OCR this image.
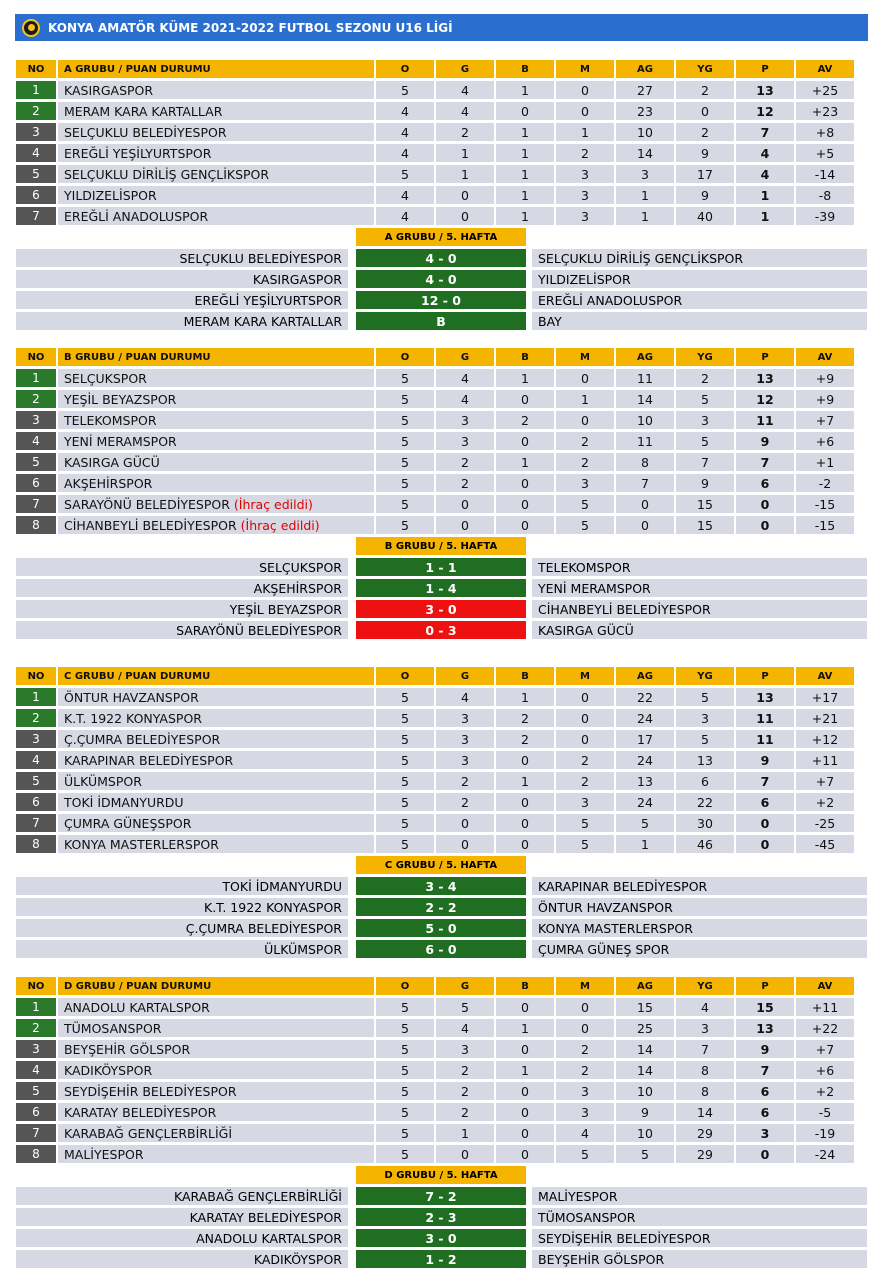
KONYA AMATÖR KÜME 2021-2022 FUTBOL SEZONU U16 LİGİ
NO	A GRUBU / PUAN DURUMU	O	G	B	M	AG	YG	P	AV
1	KASIRGASPOR	5	4	1	0	27	2	13	+25
2	MERAM KARA KARTALLAR	4	4	0	0	23	0	12	+23
3	SELÇUKLU BELEDİYESPOR	4	2	1	1	10	2	7	+8
4	EREĞLİ YEŞİLYURTSPOR	4	1	1	2	14	9	4	+5
5	SELÇUKLU DİRİLİŞ GENÇLİKSPOR	5	1	1	3	3	17	4	-14
6	YILDIZELİSPOR	4	0	1	3	1	9	1	-8
7	EREĞLİ ANADOLUSPOR	4	0	1	3	1	40	1	-39
A GRUBU / 5. HAFTA
SELÇUKLU BELEDİYESPOR	4 - 0	SELÇUKLU DİRİLİŞ GENÇLİKSPOR
KASIRGASPOR	4 - 0	YILDIZELİSPOR
EREĞLİ YEŞİLYURTSPOR	12 - 0	EREĞLİ ANADOLUSPOR
MERAM KARA KARTALLAR	B	BAY
NO	B GRUBU / PUAN DURUMU	O	G	B	M	AG	YG	P	AV
1	SELÇUKSPOR	5	4	1	0	11	2	13	+9
2	YEŞİL BEYAZSPOR	5	4	0	1	14	5	12	+9
3	TELEKOMSPOR	5	3	2	0	10	3	11	+7
4	YENİ MERAMSPOR	5	3	0	2	11	5	9	+6
5	KASIRGA GÜCÜ	5	2	1	2	8	7	7	+1
6	AKŞEHİRSPOR	5	2	0	3	7	9	6	-2
7	SARAYÖNÜ BELEDİYESPOR (İhraç edildi)	5	0	0	5	0	15	0	-15
8	CİHANBEYLİ BELEDİYESPOR (İhraç edildi)	5	0	0	5	0	15	0	-15
B GRUBU / 5. HAFTA
SELÇUKSPOR	1 - 1	TELEKOMSPOR
AKŞEHİRSPOR	1 - 4	YENİ MERAMSPOR
YEŞİL BEYAZSPOR	3 - 0	CİHANBEYLİ BELEDİYESPOR
SARAYÖNÜ BELEDİYESPOR	0 - 3	KASIRGA GÜCÜ
NO	C GRUBU / PUAN DURUMU	O	G	B	M	AG	YG	P	AV
1	ÖNTUR HAVZANSPOR	5	4	1	0	22	5	13	+17
2	K.T. 1922 KONYASPOR	5	3	2	0	24	3	11	+21
3	Ç.ÇUMRA BELEDİYESPOR	5	3	2	0	17	5	11	+12
4	KARAPINAR BELEDİYESPOR	5	3	0	2	24	13	9	+11
5	ÜLKÜMSPOR	5	2	1	2	13	6	7	+7
6	TOKİ İDMANYURDU	5	2	0	3	24	22	6	+2
7	ÇUMRA GÜNEŞSPOR	5	0	0	5	5	30	0	-25
8	KONYA MASTERLERSPOR	5	0	0	5	1	46	0	-45
C GRUBU / 5. HAFTA
TOKİ İDMANYURDU	3 - 4	KARAPINAR BELEDİYESPOR
K.T. 1922 KONYASPOR	2 - 2	ÖNTUR HAVZANSPOR
Ç.ÇUMRA BELEDİYESPOR	5 - 0	KONYA MASTERLERSPOR
ÜLKÜMSPOR	6 - 0	ÇUMRA GÜNEŞ SPOR
NO	D GRUBU / PUAN DURUMU	O	G	B	M	AG	YG	P	AV
1	ANADOLU KARTALSPOR	5	5	0	0	15	4	15	+11
2	TÜMOSANSPOR	5	4	1	0	25	3	13	+22
3	BEYŞEHİR GÖLSPOR	5	3	0	2	14	7	9	+7
4	KADIKÖYSPOR	5	2	1	2	14	8	7	+6
5	SEYDİŞEHİR BELEDİYESPOR	5	2	0	3	10	8	6	+2
6	KARATAY BELEDİYESPOR	5	2	0	3	9	14	6	-5
7	KARABAĞ GENÇLERBİRLİĞİ	5	1	0	4	10	29	3	-19
8	MALİYESPOR	5	0	0	5	5	29	0	-24
D GRUBU / 5. HAFTA
KARABAĞ GENÇLERBİRLİĞİ	7 - 2	MALİYESPOR
KARATAY BELEDİYESPOR	2 - 3	TÜMOSANSPOR
ANADOLU KARTALSPOR	3 - 0	SEYDİŞEHİR BELEDİYESPOR
KADIKÖYSPOR	1 - 2	BEYŞEHİR GÖLSPOR
